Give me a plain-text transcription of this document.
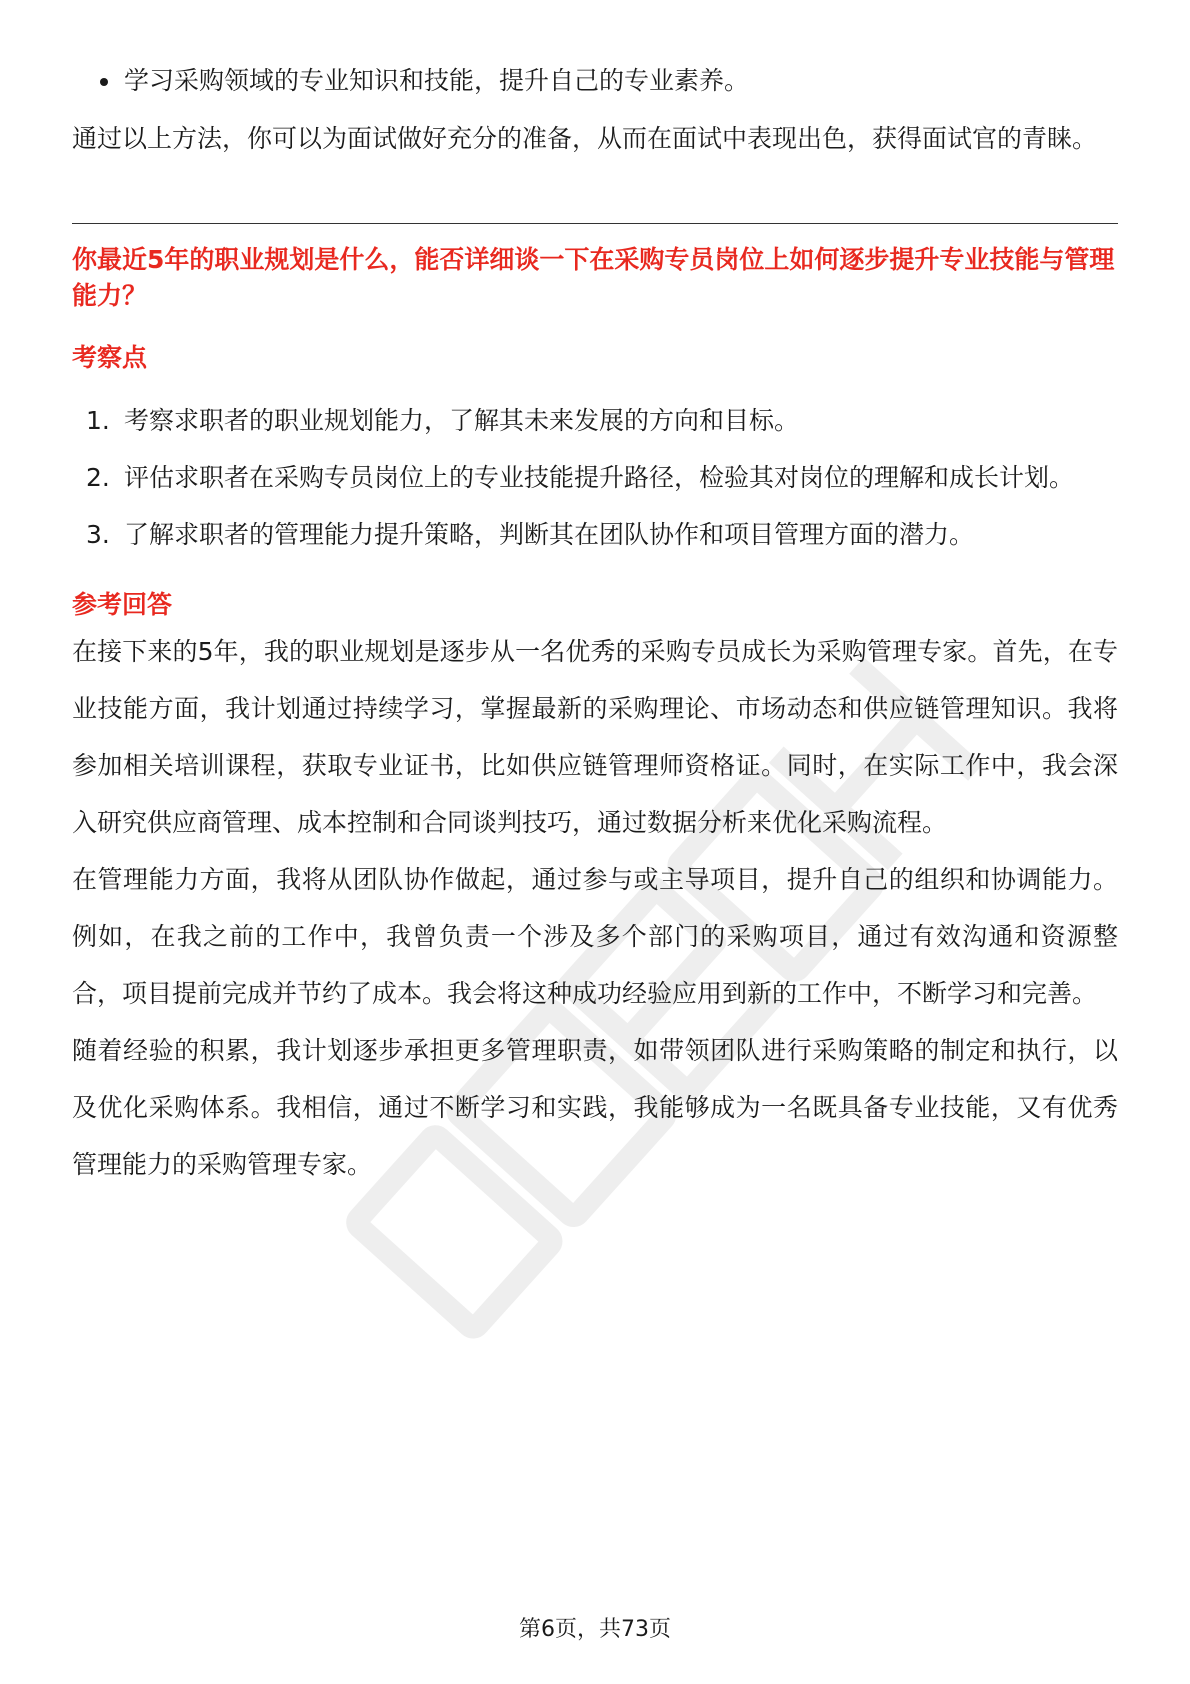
学习采购领域的专业知识和技能，提升自己的专业素养。

通过以上方法，你可以为面试做好充分的准备，从而在面试中表现出色，获得面试官的青睐。

你最近5年的职业规划是什么，能否详细谈一下在采购专员岗位上如何逐步提升专业技能与管理能力？
考察点
1. 考察求职者的职业规划能力，了解其未来发展的方向和目标。
2. 评估求职者在采购专员岗位上的专业技能提升路径，检验其对岗位的理解和成长计划。
3. 了解求职者的管理能力提升策略，判断其在团队协作和项目管理方面的潜力。
参考回答

在接下来的5年，我的职业规划是逐步从一名优秀的采购专员成长为采购管理专家。首先，在专业技能方面，我计划通过持续学习，掌握最新的采购理论、市场动态和供应链管理知识。我将参加相关培训课程，获取专业证书，比如供应链管理师资格证。同时，在实际工作中，我会深入研究供应商管理、成本控制和合同谈判技巧，通过数据分析来优化采购流程。

在管理能力方面，我将从团队协作做起，通过参与或主导项目，提升自己的组织和协调能力。例如，在我之前的工作中，我曾负责一个涉及多个部门的采购项目，通过有效沟通和资源整合，项目提前完成并节约了成本。我会将这种成功经验应用到新的工作中，不断学习和完善。

随着经验的积累，我计划逐步承担更多管理职责，如带领团队进行采购策略的制定和执行，以及优化采购体系。我相信，通过不断学习和实践，我能够成为一名既具备专业技能，又有优秀管理能力的采购管理专家。

第6页，共73页
